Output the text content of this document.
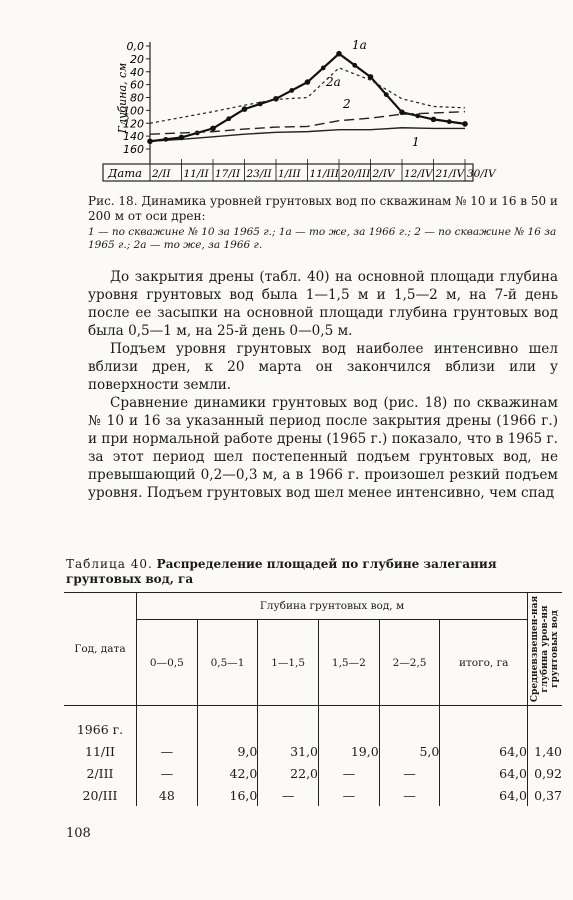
0,0
20
40
60
80
100
120
140
160
Глубина, см
Дата 2/II 11/II 17/II 23/II 1/III 11/III 20/III 2/IV 12/IV 21/IV 30/IV
1
1а
2
2а
Рис. 18. Динамика уровней грунтовых вод по скважинам № 10 и 16 в 50 и 200 м от оси дрен:
1 — по скважине № 10 за 1965 г.; 1а — то же, за 1966 г.; 2 — по скважине № 16 за 1965 г.; 2а — то же, за 1966 г.

До закрытия дрены (табл. 40) на основной площади глубина уровня грунтовых вод была 1—1,5 м и 1,5—2 м, на 7-й день после ее засыпки на основной площади глубина грунтовых вод была 0,5—1 м, на 25-й день 0—0,5 м.

Подъем уровня грунтовых вод наиболее интенсивно шел вблизи дрен, к 20 марта он закончился вблизи или у поверхности земли.

Сравнение динамики грунтовых вод (рис. 18) по скважинам № 10 и 16 за указанный период после закрытия дрены (1966 г.) и при нормальной работе дрены (1965 г.) показало, что в 1965 г. за этот период шел постепенный подъем грунтовых вод, не превышающий 0,2—0,3 м, а в 1966 г. произошел резкий подъем уровня. Подъем грунтовых вод шел менее интенсивно, чем спад

Таблица 40. Распределение площадей по глубине залегания грунтовых вод, га
Год, дата	Глубина грунтовых вод, м						Средневзвешен-ная глубина уров-ня грунтовых вод

	0—0,5	0,5—1	1—1,5	1,5—2	2—2,5	итого, га	
1966 г.							
11/II	—	9,0	31,0	19,0	5,0	64,0	1,40
2/III	—	42,0	22,0	—	—	64,0	0,92
20/III	48	16,0	—	—	—	64,0	0,37
108
